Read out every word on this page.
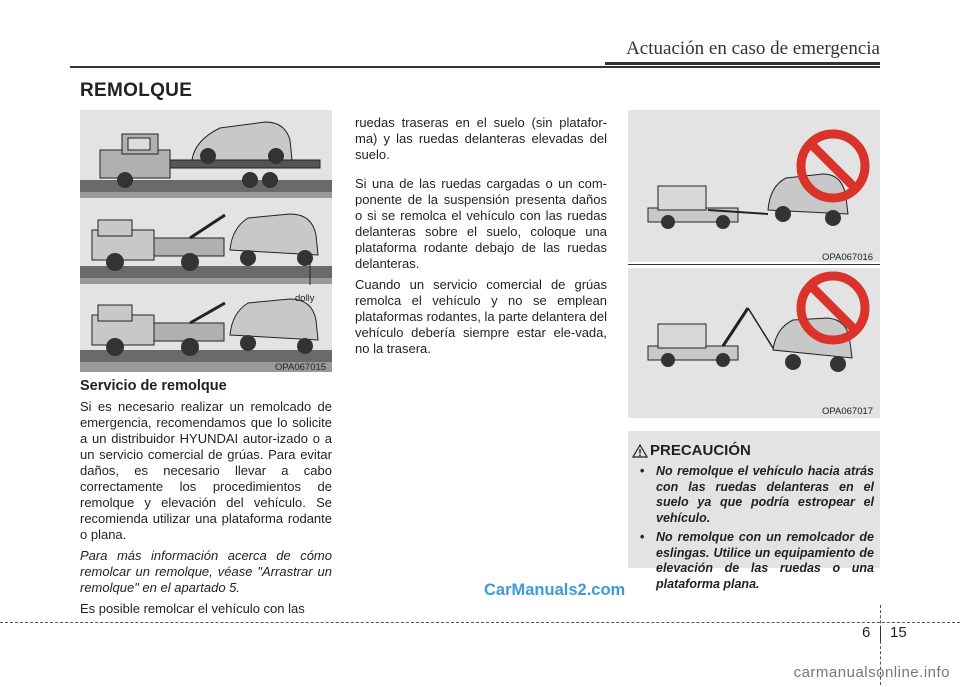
Actuación en caso de emergencia
REMOLQUE
dolly
OPA067015

Servicio de remolque

Si es necesario realizar un remolcado de emergencia, recomendamos que lo solicite a un distribuidor HYUNDAI autor-izado o a un servicio comercial de grúas. Para evitar daños, es necesario llevar a cabo correctamente los procedimientos de remolque y elevación del vehículo. Se recomienda utilizar una plataforma rodante o plana.

Para más información acerca de cómo remolcar un remolque, véase "Arrastrar un remolque" en el apartado 5.

Es posible remolcar el vehículo con las

ruedas traseras en el suelo (sin platafor-ma) y las ruedas delanteras elevadas del suelo.

Si una de las ruedas cargadas o un com-ponente de la suspensión presenta daños o si se remolca el vehículo con las ruedas delanteras sobre el suelo, coloque una plataforma rodante debajo de las ruedas delanteras.

Cuando un servicio comercial de grúas remolca el vehículo y no se emplean plataformas rodantes, la parte delantera del vehículo debería siempre estar ele-vada, no la trasera.

OPA067016
OPA067017
PRECAUCIÓN
• No remolque el vehículo hacia atrás con las ruedas delanteras en el suelo ya que podría estropear el vehículo.
• No remolque con un remolcador de eslingas. Utilice un equipamiento de elevación de las ruedas o una plataforma plana.
CarManuals2.com
6 15
carmanualsonline.info
